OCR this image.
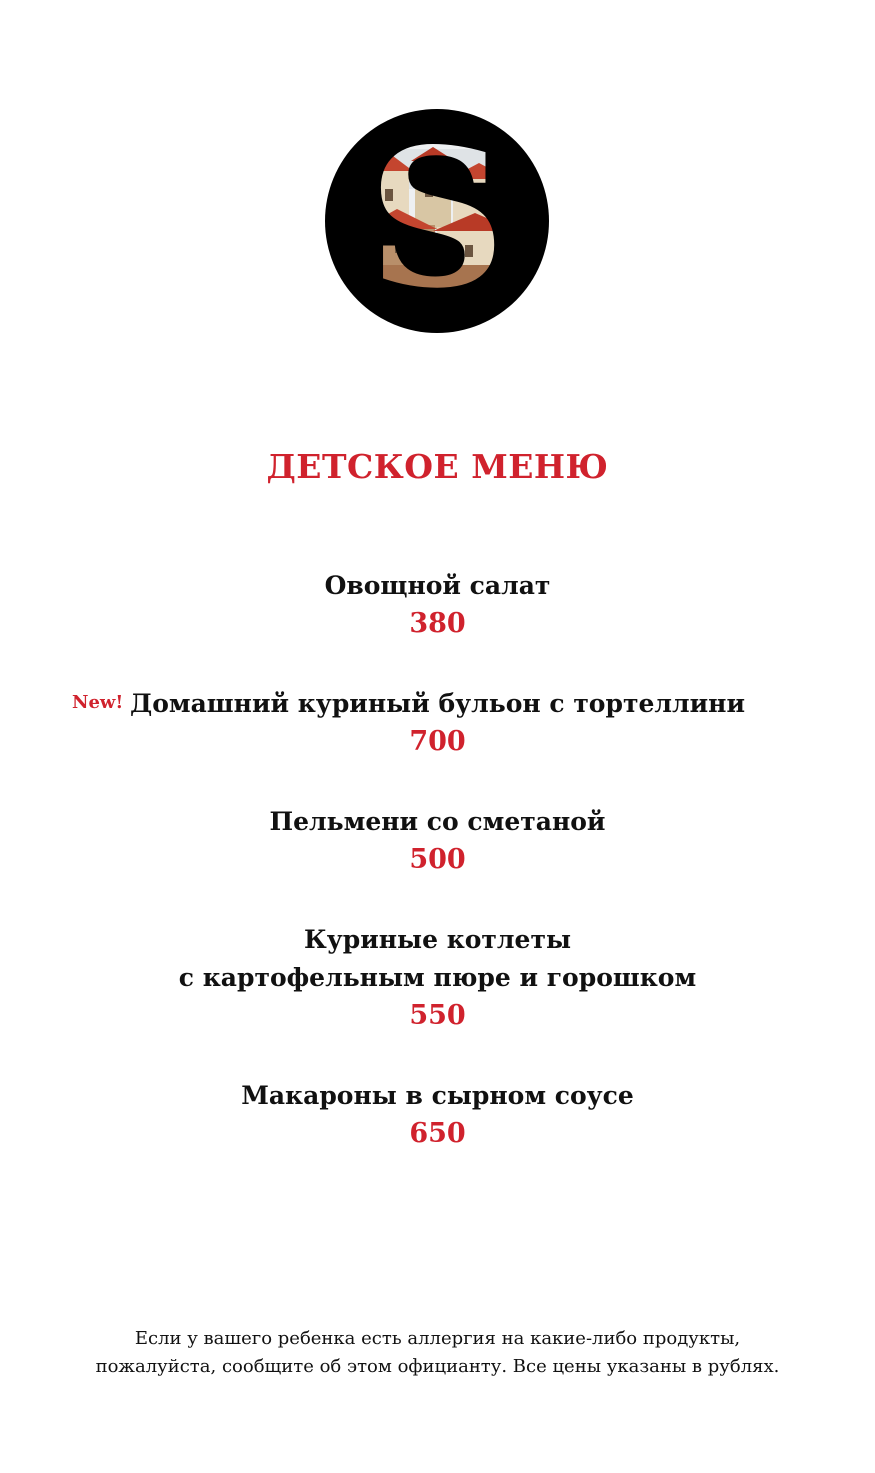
ДЕТСКОЕ МЕНЮ
Овощной салат
380
New! Домашний куриный бульон с тортеллини
700
Пельмени со сметаной
500
Куриные котлеты
с картофельным пюре и горошком
550
Макароны в сырном соусе
650
Если у вашего ребенка есть аллергия на какие-либо продукты,
пожалуйста, сообщите об этом официанту. Все цены указаны в рублях.
